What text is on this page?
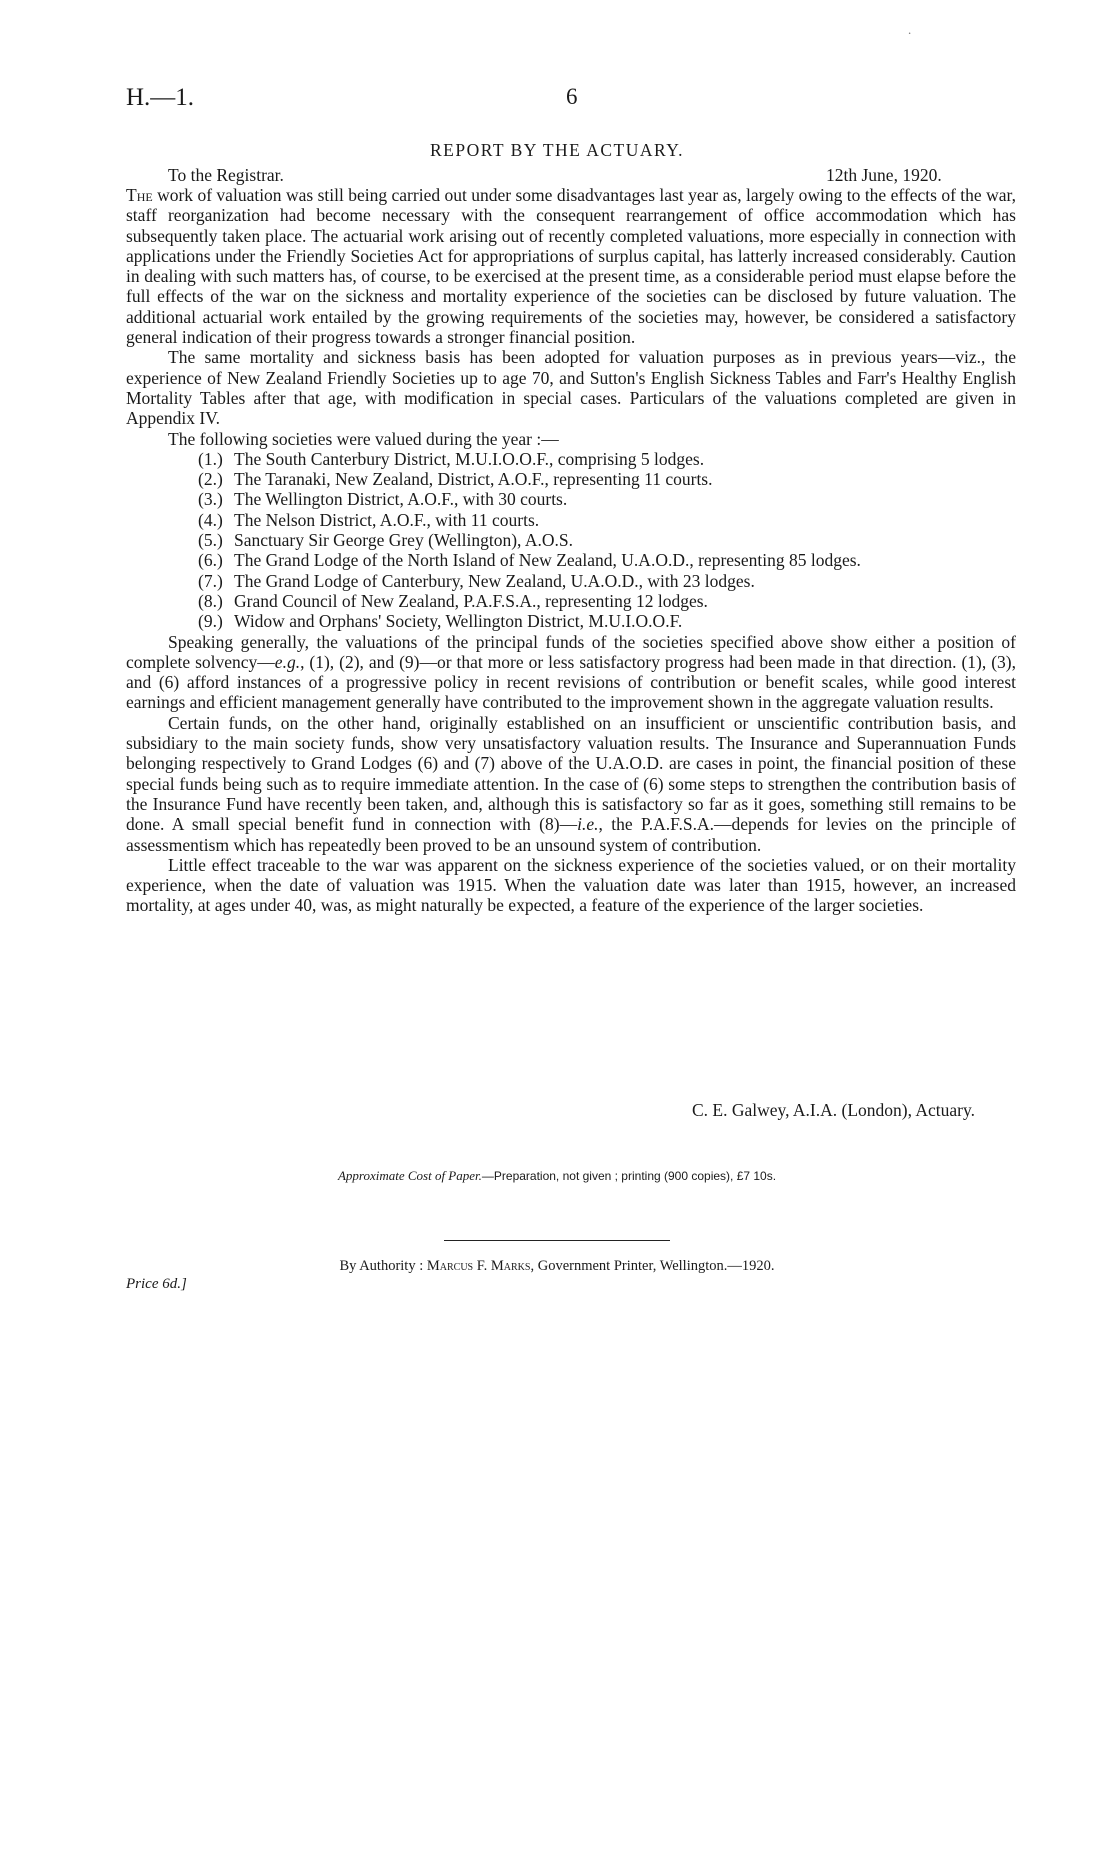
.
H.—1.	6
REPORT BY THE ACTUARY.
To the Registrar.	12th June, 1920.

The work of valuation was still being carried out under some disadvantages last year as, largely owing to the effects of the war, staff reorganization had become necessary with the consequent rearrangement of office accommodation which has subsequently taken place. The actuarial work arising out of recently completed valuations, more especially in connection with applications under the Friendly Societies Act for appropriations of surplus capital, has latterly increased considerably. Caution in dealing with such matters has, of course, to be exercised at the present time, as a considerable period must elapse before the full effects of the war on the sickness and mortality experience of the societies can be disclosed by future valuation. The additional actuarial work entailed by the growing requirements of the societies may, however, be considered a satisfactory general indication of their progress towards a stronger financial position.

The same mortality and sickness basis has been adopted for valuation purposes as in previous years—viz., the experience of New Zealand Friendly Societies up to age 70, and Sutton's English Sickness Tables and Farr's Healthy English Mortality Tables after that age, with modification in special cases. Particulars of the valuations completed are given in Appendix IV.

The following societies were valued during the year :—

(1.) The South Canterbury District, M.U.I.O.O.F., comprising 5 lodges.
(2.) The Taranaki, New Zealand, District, A.O.F., representing 11 courts.
(3.) The Wellington District, A.O.F., with 30 courts.
(4.) The Nelson District, A.O.F., with 11 courts.
(5.) Sanctuary Sir George Grey (Wellington), A.O.S.
(6.) The Grand Lodge of the North Island of New Zealand, U.A.O.D., representing 85 lodges.
(7.) The Grand Lodge of Canterbury, New Zealand, U.A.O.D., with 23 lodges.
(8.) Grand Council of New Zealand, P.A.F.S.A., representing 12 lodges.
(9.) Widow and Orphans' Society, Wellington District, M.U.I.O.O.F.

Speaking generally, the valuations of the principal funds of the societies specified above show either a position of complete solvency—e.g., (1), (2), and (9)—or that more or less satisfactory progress had been made in that direction. (1), (3), and (6) afford instances of a progressive policy in recent revisions of contribution or benefit scales, while good interest earnings and efficient management generally have contributed to the improvement shown in the aggregate valuation results.

Certain funds, on the other hand, originally established on an insufficient or unscientific contribution basis, and subsidiary to the main society funds, show very unsatisfactory valuation results. The Insurance and Superannuation Funds belonging respectively to Grand Lodges (6) and (7) above of the U.A.O.D. are cases in point, the financial position of these special funds being such as to require immediate attention. In the case of (6) some steps to strengthen the contribution basis of the Insurance Fund have recently been taken, and, although this is satisfactory so far as it goes, something still remains to be done. A small special benefit fund in connection with (8)—i.e., the P.A.F.S.A.—depends for levies on the principle of assessmentism which has repeatedly been proved to be an unsound system of contribution.

Little effect traceable to the war was apparent on the sickness experience of the societies valued, or on their mortality experience, when the date of valuation was 1915. When the valuation date was later than 1915, however, an increased mortality, at ages under 40, was, as might naturally be expected, a feature of the experience of the larger societies.

C. E. Galwey, A.I.A. (London), Actuary.
Approximate Cost of Paper.—Preparation, not given ; printing (900 copies), £7 10s.
By Authority : Marcus F. Marks, Government Printer, Wellington.—1920.
Price 6d.]
